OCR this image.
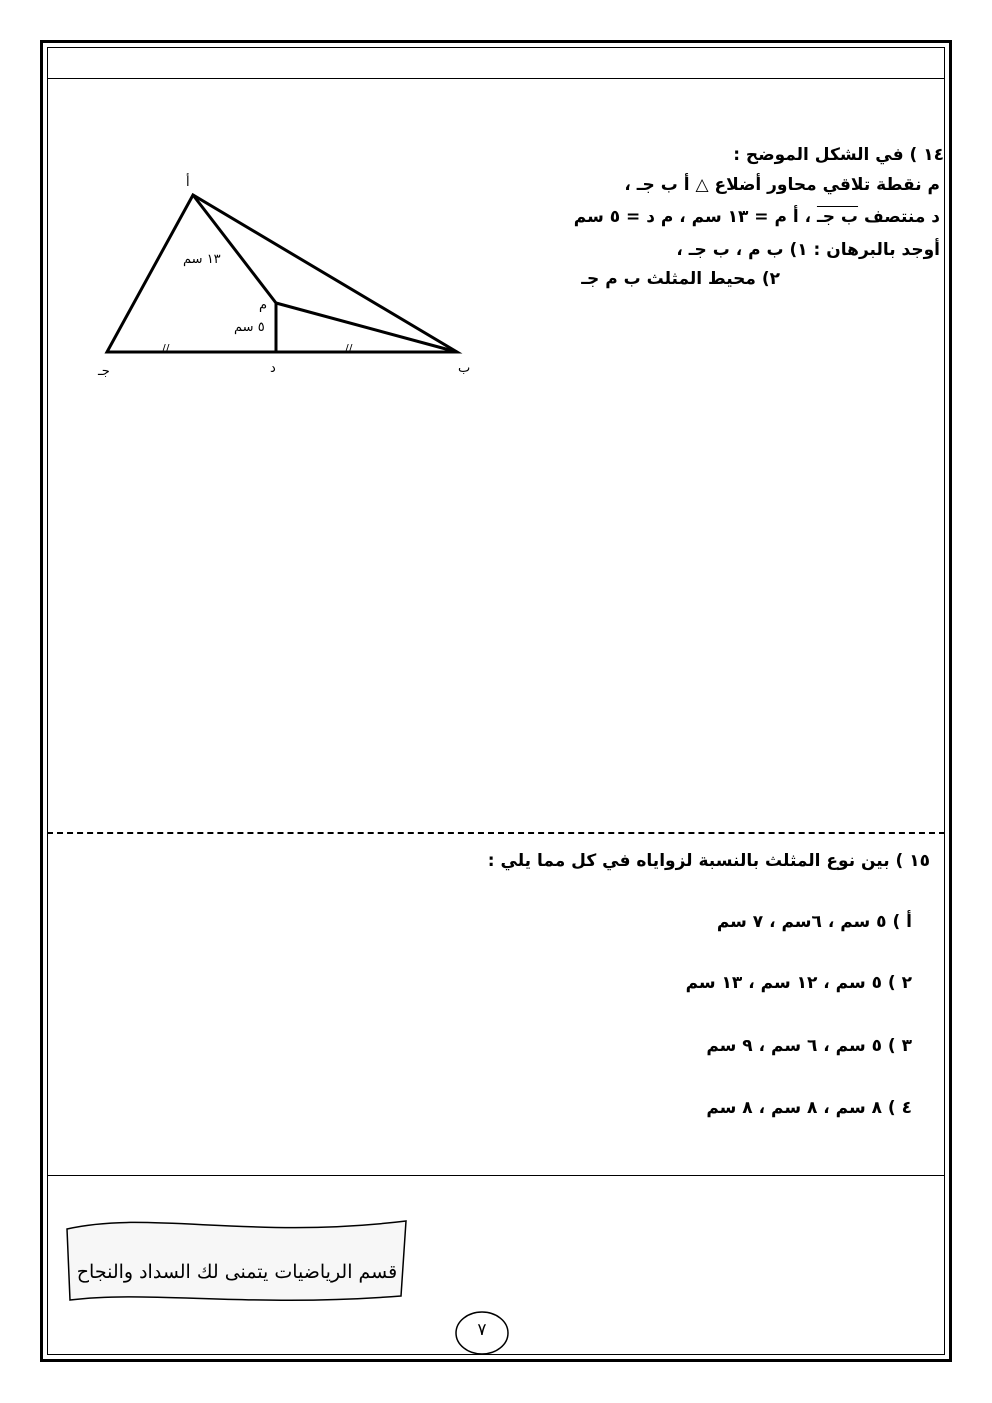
١٤ ) في الشكل الموضح :
م نقطة تلاقي محاور أضلاع △ أ ب جـ ،
د منتصف ب جـ ، أ م = ١٣ سم ، م د = ٥ سم
أوجد بالبرهان : ١) ب م ، ب جـ ،
٢) محيط المثلث ب م جـ
أ
ب
جـ	د
م
١٣ سم
٥ سم
//	//
١٥ ) بين نوع المثلث بالنسبة لزواياه في كل مما يلي :
أ ) ٥ سم ، ٦سم ، ٧ سم
٢ ) ٥ سم ، ١٢ سم ، ١٣ سم
٣ ) ٥ سم ، ٦ سم ، ٩ سم
٤ ) ٨ سم ، ٨ سم ، ٨ سم
قسم الرياضيات يتمنى لك السداد والنجاح
٧
